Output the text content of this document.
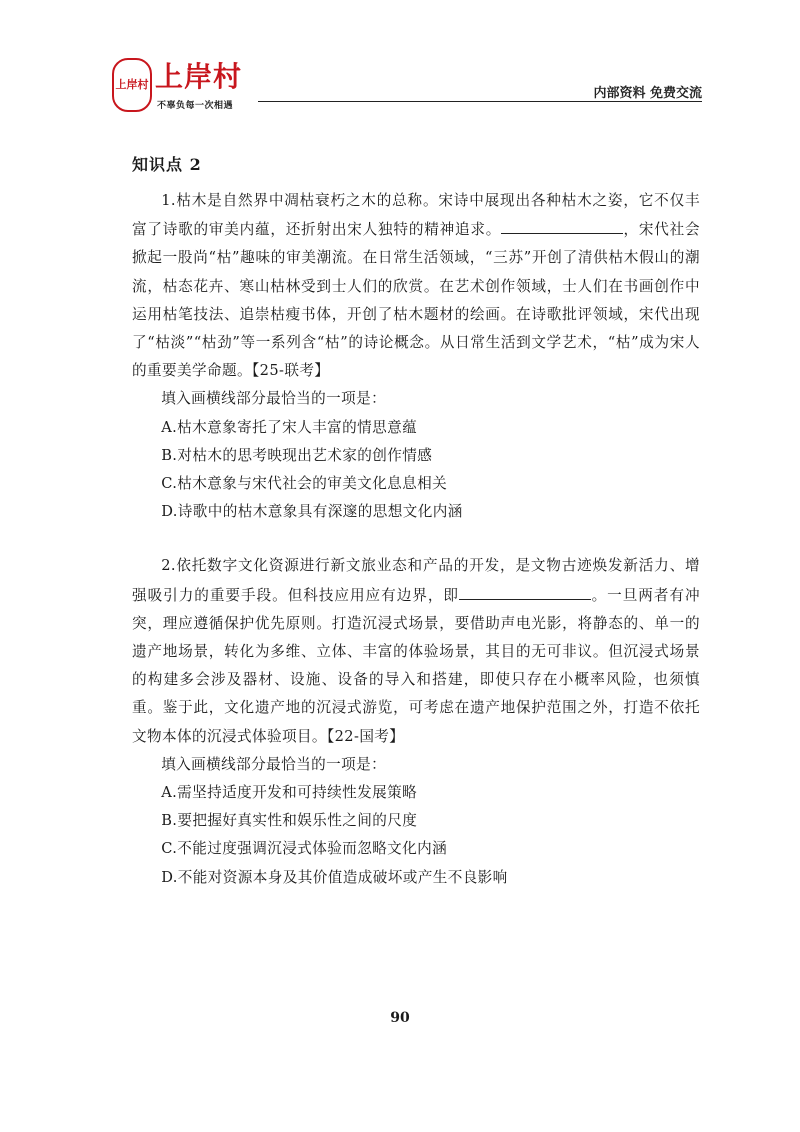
上岸村 上岸村
不辜负每一次相遇
内部资料 免费交流
知识点 2

1.枯木是自然界中凋枯衰朽之木的总称。宋诗中展现出各种枯木之姿，它不仅丰富了诗歌的审美内蕴，还折射出宋人独特的精神追求。	，宋代社会掀起一股尚“枯”趣味的审美潮流。在日常生活领域，“三苏”开创了清供枯木假山的潮流，枯态花卉、寒山枯林受到士人们的欣赏。在艺术创作领域，士人们在书画创作中运用枯笔技法、追崇枯瘦书体，开创了枯木题材的绘画。在诗歌批评领域，宋代出现了“枯淡”“枯劲”等一系列含“枯”的诗论概念。从日常生活到文学艺术，“枯”成为宋人的重要美学命题。【25-联考】

填入画横线部分最恰当的一项是：

A.枯木意象寄托了宋人丰富的情思意蕴

B.对枯木的思考映现出艺术家的创作情感

C.枯木意象与宋代社会的审美文化息息相关

D.诗歌中的枯木意象具有深邃的思想文化内涵

2.依托数字文化资源进行新文旅业态和产品的开发，是文物古迹焕发新活力、增强吸引力的重要手段。但科技应用应有边界，即	。一旦两者有冲突，理应遵循保护优先原则。打造沉浸式场景，要借助声电光影，将静态的、单一的遗产地场景，转化为多维、立体、丰富的体验场景，其目的无可非议。但沉浸式场景的构建多会涉及器材、设施、设备的导入和搭建，即使只存在小概率风险，也须慎重。鉴于此，文化遗产地的沉浸式游览，可考虑在遗产地保护范围之外，打造不依托文物本体的沉浸式体验项目。【22-国考】

填入画横线部分最恰当的一项是：

A.需坚持适度开发和可持续性发展策略

B.要把握好真实性和娱乐性之间的尺度

C.不能过度强调沉浸式体验而忽略文化内涵

D.不能对资源本身及其价值造成破坏或产生不良影响

90
